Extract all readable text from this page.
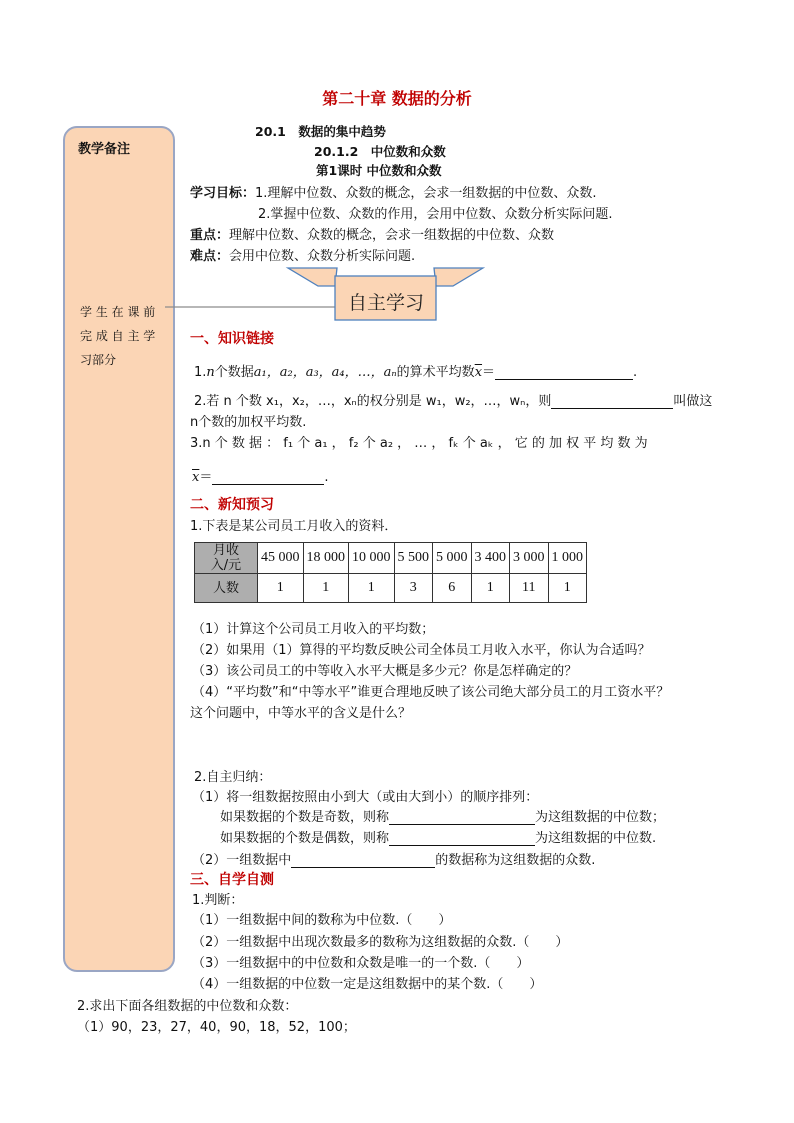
第二十章 数据的分析
教学备注
学 生 在 课 前
完 成 自 主 学
习部分
20.1　数据的集中趋势
20.1.2　中位数和众数
第1课时 中位数和众数
学习目标：1.理解中位数、众数的概念，会求一组数据的中位数、众数.
2.掌握中位数、众数的作用，会用中位数、众数分析实际问题.
重点：理解中位数、众数的概念，会求一组数据的中位数、众数
难点：会用中位数、众数分析实际问题.
自主学习
一、知识链接
1.n个数据a₁，a₂，a₃，a₄，…，aₙ的算术平均数$\overline{x}=$	.
2.若 n 个数 x₁，x₂，…，xₙ的权分别是 w₁，w₂，…，wₙ，则	叫做这
n个数的加权平均数.
3.n 个 数 据 ： f₁ 个 a₁ ， f₂ 个 a₂ ， … ， fₖ 个 aₖ ， 它 的 加 权 平 均 数 为
$\overline{x}=$	.
二、新知预习
1.下表是某公司员工月收入的资料．
月收
入/元	45 000	18 000	10 000	5 500	5 000	3 400	3 000	1 000
人数	1	1	1	3	6	1	11	1
（1）计算这个公司员工月收入的平均数；
（2）如果用（1）算得的平均数反映公司全体员工月收入水平，你认为合适吗？
（3）该公司员工的中等收入水平大概是多少元？你是怎样确定的？
（4）“平均数”和“中等水平”谁更合理地反映了该公司绝大部分员工的月工资水平？
这个问题中，中等水平的含义是什么？
2.自主归纳：
（1）将一组数据按照由小到大（或由大到小）的顺序排列：
如果数据的个数是奇数，则称	为这组数据的中位数；
如果数据的个数是偶数，则称	为这组数据的中位数.
（2）一组数据中	的数据称为这组数据的众数.
三、自学自测
1.判断：
（1）一组数据中间的数称为中位数.（　　）
（2）一组数据中出现次数最多的数称为这组数据的众数.（　　）
（3）一组数据中的中位数和众数是唯一的一个数.（　　）
（4）一组数据的中位数一定是这组数据中的某个数.（　　）
2.求出下面各组数据的中位数和众数：
（1）90，23，27，40，90，18，52，100；
